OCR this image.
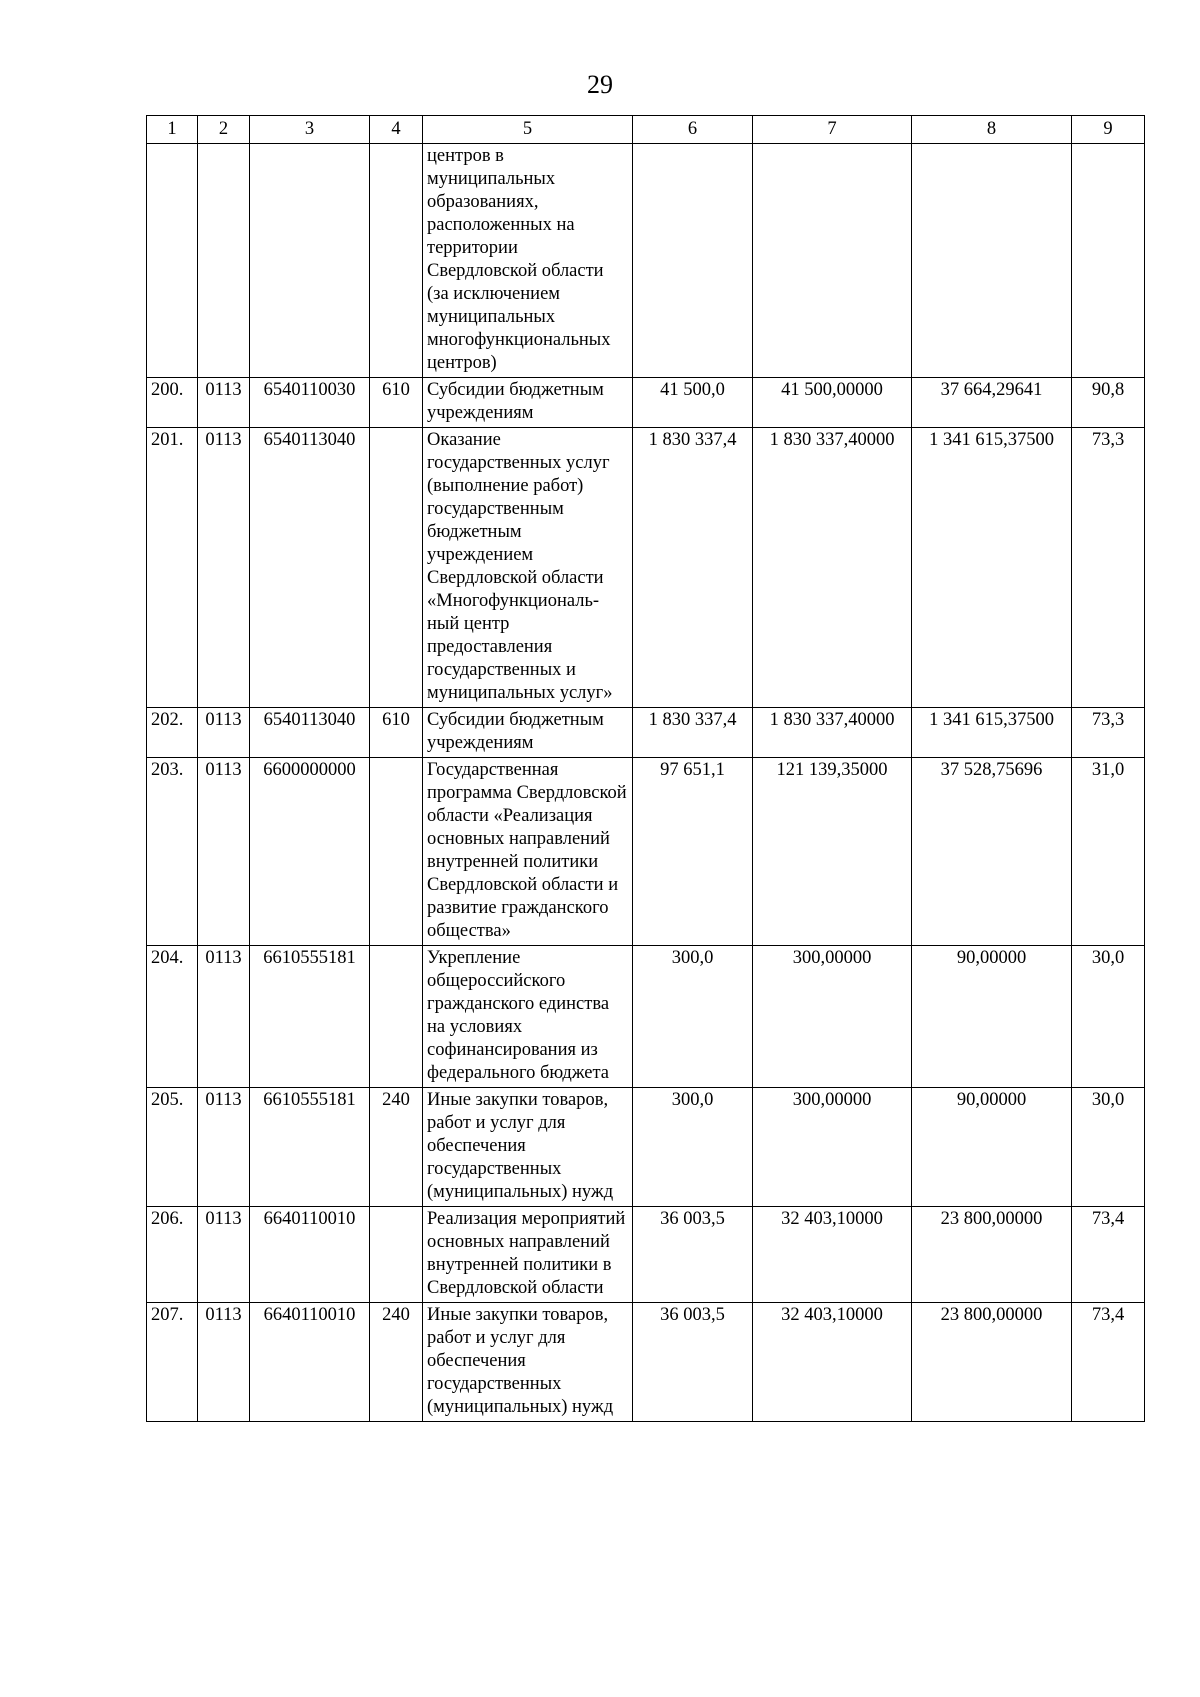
29
1	2	3	4	5	6	7	8	9
				центров в муниципальных образованиях, расположенных на территории Свердловской области (за исключением муниципальных многофункциональных центров)				
200.	0113	6540110030	610	Субсидии бюджетным учреждениям	41 500,0	41 500,00000	37 664,29641	90,8
201.	0113	6540113040		Оказание государственных услуг (выполнение работ) государственным бюджетным учреждением Свердловской области «Многофункциональ-ный центр предоставления государственных и муниципальных услуг»	1 830 337,4	1 830 337,40000	1 341 615,37500	73,3
202.	0113	6540113040	610	Субсидии бюджетным учреждениям	1 830 337,4	1 830 337,40000	1 341 615,37500	73,3
203.	0113	6600000000		Государственная программа Свердловской области «Реализация основных направлений внутренней политики Свердловской области и развитие гражданского общества»	97 651,1	121 139,35000	37 528,75696	31,0
204.	0113	6610555181		Укрепление общероссийского гражданского единства на условиях софинансирования из федерального бюджета	300,0	300,00000	90,00000	30,0
205.	0113	6610555181	240	Иные закупки товаров, работ и услуг для обеспечения государственных (муниципальных) нужд	300,0	300,00000	90,00000	30,0
206.	0113	6640110010		Реализация мероприятий основных направлений внутренней политики в Свердловской области	36 003,5	32 403,10000	23 800,00000	73,4
207.	0113	6640110010	240	Иные закупки товаров, работ и услуг для обеспечения государственных (муниципальных) нужд	36 003,5	32 403,10000	23 800,00000	73,4
